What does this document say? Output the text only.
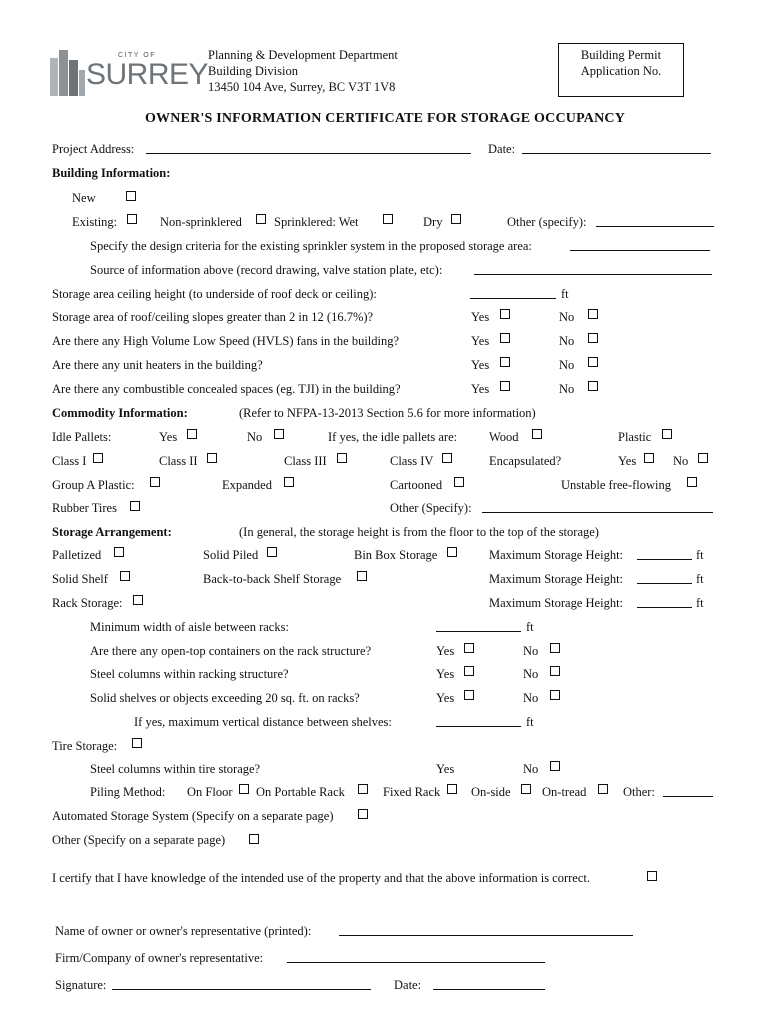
CITY OF
SURREY
Planning & Development Department
Building Division
13450 104 Ave, Surrey, BC V3T 1V8
Building Permit
Application No.
OWNER'S INFORMATION CERTIFICATE FOR STORAGE OCCUPANCY
Project Address:	Date:
Building Information:
New
Existing:	Non-sprinklered	Sprinklered: Wet	Dry	Other (specify):
Specify the design criteria for the existing sprinkler system in the proposed storage area:
Source of information above (record drawing, valve station plate, etc):
Storage area ceiling height (to underside of roof deck or ceiling):	ft
Storage area of roof/ceiling slopes greater than 2 in 12 (16.7%)?	Yes	No
Are there any High Volume Low Speed (HVLS) fans in the building?	Yes	No
Are there any unit heaters in the building?	Yes	No
Are there any combustible concealed spaces (eg. TJI) in the building?	Yes	No
Commodity Information:	(Refer to NFPA-13-2013 Section 5.6 for more information)
Idle Pallets:	Yes	No	If yes, the idle pallets are:	Wood	Plastic
Class I	Class II	Class III	Class IV	Encapsulated?	Yes	No
Group A Plastic:	Expanded	Cartooned	Unstable free-flowing
Rubber Tires	Other (Specify):
Storage Arrangement:	(In general, the storage height is from the floor to the top of the storage)
Palletized	Solid Piled	Bin Box Storage	Maximum Storage Height:	ft
Solid Shelf	Back-to-back Shelf Storage	Maximum Storage Height:	ft
Rack Storage:	Maximum Storage Height:	ft
Minimum width of aisle between racks:	ft
Are there any open-top containers on the rack structure?	Yes	No
Steel columns within racking structure?	Yes	No
Solid shelves or objects exceeding 20 sq. ft. on racks?	Yes	No
If yes, maximum vertical distance between shelves:	ft
Tire Storage:
Steel columns within tire storage?	Yes	No
Piling Method: On Floor On Portable Rack	Fixed Rack On-side	On-tread	Other:
Automated Storage System (Specify on a separate page)
Other (Specify on a separate page)
I certify that I have knowledge of the intended use of the property and that the above information is correct.
Name of owner or owner's representative (printed):
Firm/Company of owner's representative:
Signature:	Date:
